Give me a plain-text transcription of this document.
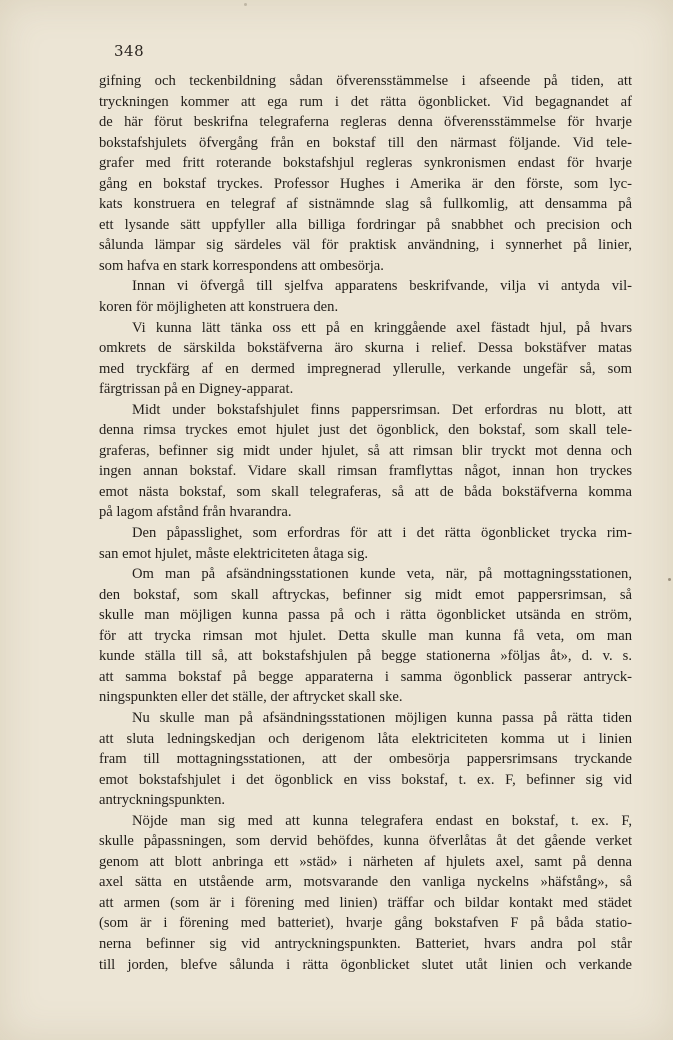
348
gifning och teckenbildning sådan öfverensstämmelse i afseende på tiden, att
tryckningen kommer att ega rum i det rätta ögonblicket. Vid begagnandet af
de här förut beskrifna telegraferna regleras denna öfverensstämmelse för hvarje
bokstafshjulets öfvergång från en bokstaf till den närmast följande. Vid tele-
grafer med fritt roterande bokstafshjul regleras synkronismen endast för hvarje
gång en bokstaf tryckes. Professor Hughes i Amerika är den förste, som lyc-
kats konstruera en telegraf af sistnämnde slag så fullkomlig, att densamma på
ett lysande sätt uppfyller alla billiga fordringar på snabbhet och precision och
sålunda lämpar sig särdeles väl för praktisk användning, i synnerhet på linier,
som hafva en stark korrespondens att ombesörja.
Innan vi öfvergå till sjelfva apparatens beskrifvande, vilja vi antyda vil-
koren för möjligheten att konstruera den.
Vi kunna lätt tänka oss ett på en kringgående axel fästadt hjul, på hvars
omkrets de särskilda bokstäfverna äro skurna i relief. Dessa bokstäfver matas
med tryckfärg af en dermed impregnerad yllerulle, verkande ungefär så, som
färgtrissan på en Digney-apparat.
Midt under bokstafshjulet finns pappersrimsan. Det erfordras nu blott, att
denna rimsa tryckes emot hjulet just det ögonblick, den bokstaf, som skall tele-
graferas, befinner sig midt under hjulet, så att rimsan blir tryckt mot denna och
ingen annan bokstaf. Vidare skall rimsan framflyttas något, innan hon tryckes
emot nästa bokstaf, som skall telegraferas, så att de båda bokstäfverna komma
på lagom afstånd från hvarandra.
Den påpasslighet, som erfordras för att i det rätta ögonblicket trycka rim-
san emot hjulet, måste elektriciteten åtaga sig.
Om man på afsändningsstationen kunde veta, när, på mottagningsstationen,
den bokstaf, som skall aftryckas, befinner sig midt emot pappersrimsan, så
skulle man möjligen kunna passa på och i rätta ögonblicket utsända en ström,
för att trycka rimsan mot hjulet. Detta skulle man kunna få veta, om man
kunde ställa till så, att bokstafshjulen på begge stationerna »följas åt», d. v. s.
att samma bokstaf på begge apparaterna i samma ögonblick passerar antryck-
ningspunkten eller det ställe, der aftrycket skall ske.
Nu skulle man på afsändningsstationen möjligen kunna passa på rätta tiden
att sluta ledningskedjan och derigenom låta elektriciteten komma ut i linien
fram till mottagningsstationen, att der ombesörja pappersrimsans tryckande
emot bokstafshjulet i det ögonblick en viss bokstaf, t. ex. F, befinner sig vid
antryckningspunkten.
Nöjde man sig med att kunna telegrafera endast en bokstaf, t. ex. F,
skulle påpassningen, som dervid behöfdes, kunna öfverlåtas åt det gående verket
genom att blott anbringa ett »städ» i närheten af hjulets axel, samt på denna
axel sätta en utstående arm, motsvarande den vanliga nyckelns »häfstång», så
att armen (som är i förening med linien) träffar och bildar kontakt med städet
(som är i förening med batteriet), hvarje gång bokstafven F på båda statio-
nerna befinner sig vid antryckningspunkten. Batteriet, hvars andra pol står
till jorden, blefve sålunda i rätta ögonblicket slutet utåt linien och verkande
